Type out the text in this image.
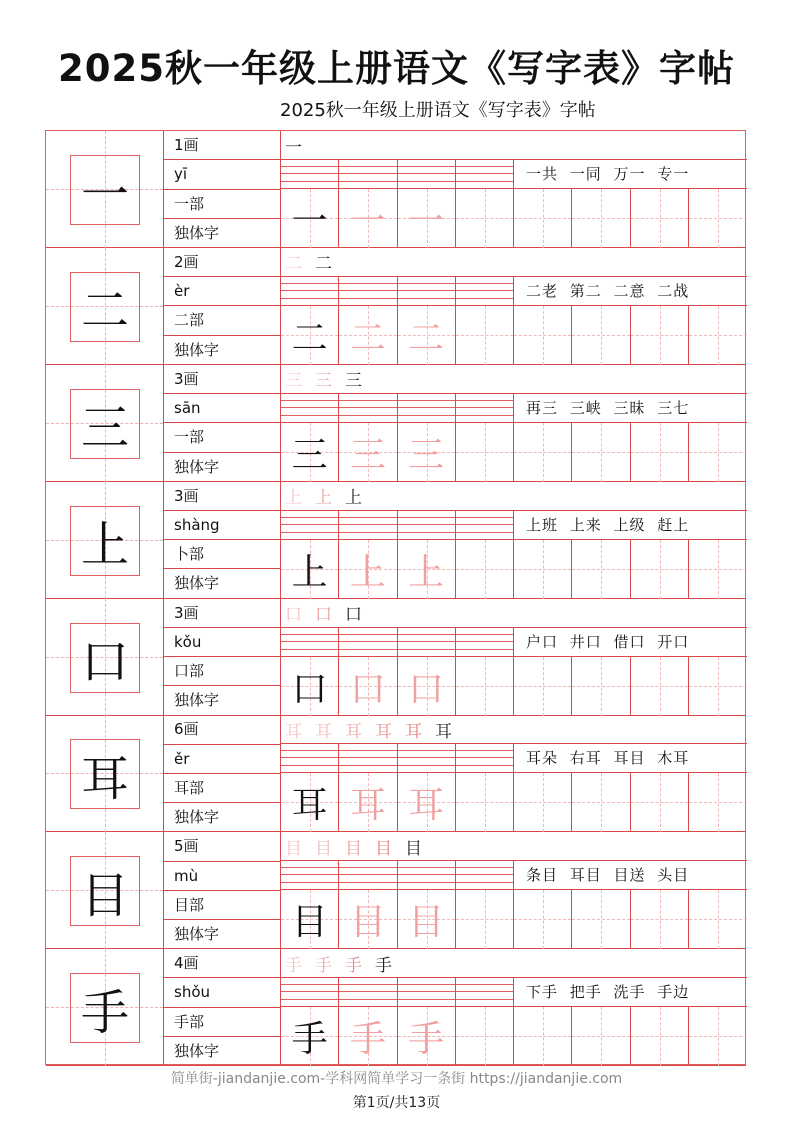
2025秋一年级上册语文《写字表》字帖
2025秋一年级上册语文《写字表》字帖
一
1画
yī
一部
独体字
一
一共 一同 万一 专一
一 一 一
二
2画
èr
二部
独体字
二 二
二老 第二 二意 二战
二 二 二
三
3画
sān
一部
独体字
三 三 三
再三 三峡 三昧 三七
三 三 三
上
3画
shàng
卜部
独体字
上 上 上
上班 上来 上级 赶上
上 上 上
口
3画
kǒu
口部
独体字
口 口 口
户口 井口 借口 开口
口 口 口
耳
6画
ěr
耳部
独体字
耳 耳 耳 耳 耳 耳
耳朵 右耳 耳目 木耳
耳 耳 耳
目
5画
mù
目部
独体字
目 目 目 目 目
条目 耳目 目送 头目
目 目 目
手
4画
shǒu
手部
独体字
手 手 手 手
下手 把手 洗手 手边
手 手 手
简单街-jiandanjie.com-学科网简单学习一条街 https://jiandanjie.com
第1页/共13页
